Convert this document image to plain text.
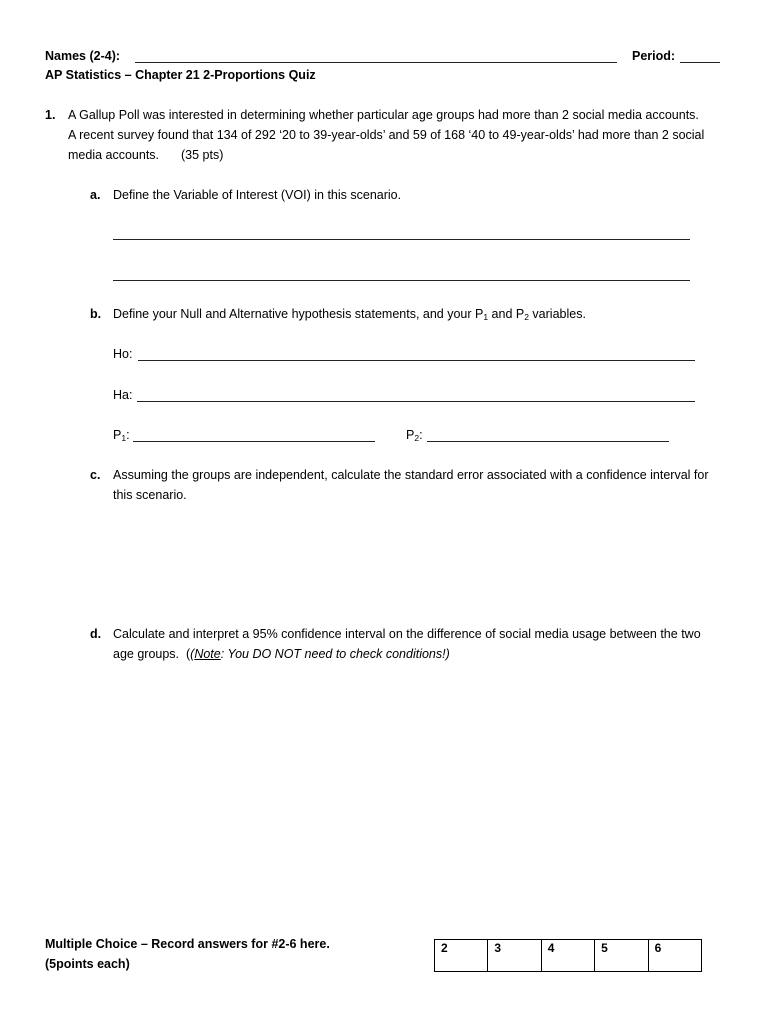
Names (2-4):	Period:
AP Statistics – Chapter 21 2-Proportions Quiz
1. A Gallup Poll was interested in determining whether particular age groups had more than 2 social media accounts.
A recent survey found that 134 of 292 ‘20 to 39-year-olds’ and 59 of 168 ‘40 to 49-year-olds’ had more than 2 social
media accounts. (35 pts)
a. Define the Variable of Interest (VOI) in this scenario.
b. Define your Null and Alternative hypothesis statements, and your $P_1$ and $P_2$ variables.
Ho:
Ha:
$P_1$:	$P_2$:
c. Assuming the groups are independent, calculate the standard error associated with a confidence interval for
this scenario.
d. Calculate and interpret a 95% confidence interval on the difference of social media usage between the two
age groups.  ((Note: You DO NOT need to check conditions!)
Multiple Choice – Record answers for #2-6 here.
(5points each)
2	3	4	5	6
